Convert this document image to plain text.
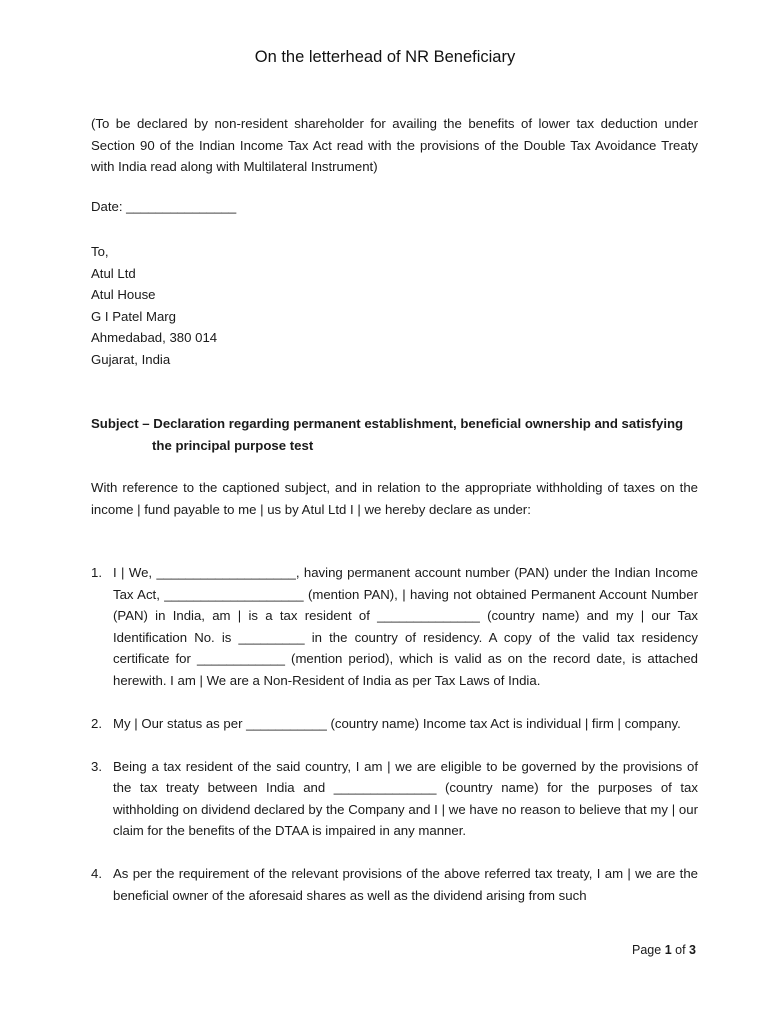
On the letterhead of NR Beneficiary

(To be declared by non-resident shareholder for availing the benefits of lower tax deduction under Section 90 of the Indian Income Tax Act read with the provisions of the Double Tax Avoidance Treaty with India read along with Multilateral Instrument)

Date: _______________

To,
Atul Ltd
Atul House
G I Patel Marg
Ahmedabad, 380 014
Gujarat, India

Subject – Declaration regarding permanent establishment, beneficial ownership and satisfying
the principal purpose test

With reference to the captioned subject, and in relation to the appropriate withholding of taxes on the income | fund payable to me | us by Atul Ltd I | we hereby declare as under:

1. I | We, ___________________, having permanent account number (PAN) under the Indian Income Tax Act, ___________________ (mention PAN), | having not obtained Permanent Account Number (PAN) in India, am | is a tax resident of ______________ (country name) and my | our Tax Identification No. is _________ in the country of residency. A copy of the valid tax residency certificate for ____________ (mention period), which is valid as on the record date, is attached herewith. I am | We are a Non-Resident of India as per Tax Laws of India.
2. My | Our status as per ___________ (country name) Income tax Act is individual | firm | company.
3. Being a tax resident of the said country, I am | we are eligible to be governed by the provisions of the tax treaty between India and ______________ (country name) for the purposes of tax withholding on dividend declared by the Company and I | we have no reason to believe that my | our claim for the benefits of the DTAA is impaired in any manner.
4. As per the requirement of the relevant provisions of the above referred tax treaty, I am | we are the beneficial owner of the aforesaid shares as well as the dividend arising from such
Page 1 of 3
